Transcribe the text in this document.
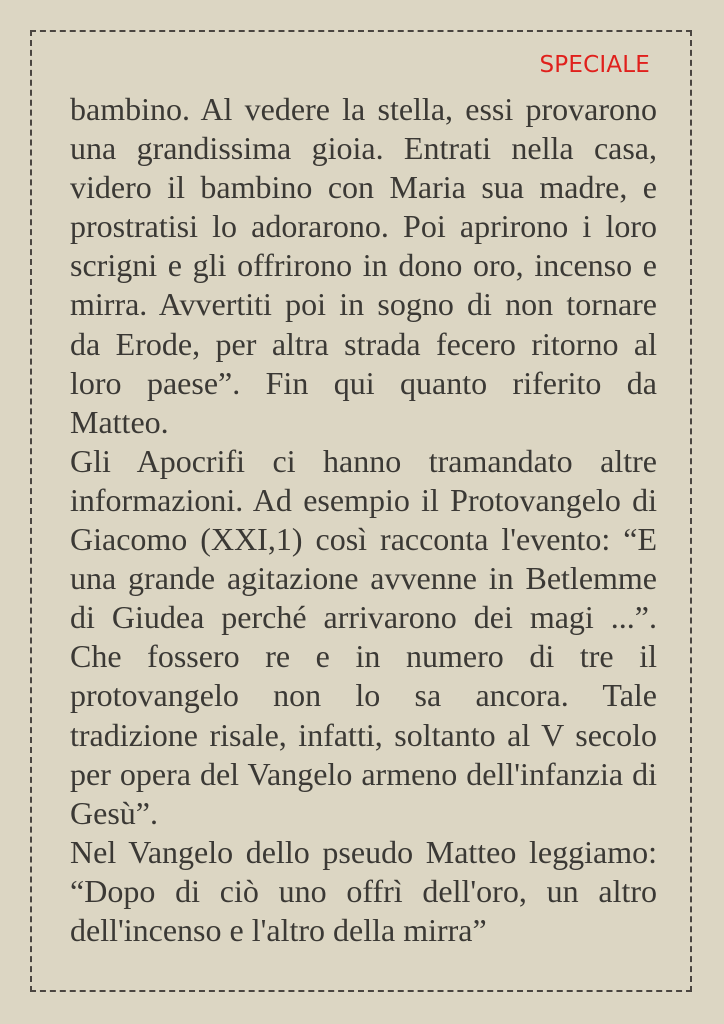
SPECIALE

bambino. Al vedere la stella, essi provarono una grandissima gioia. Entrati nella casa, videro il bambino con Maria sua madre, e prostratisi lo adorarono. Poi aprirono i loro scrigni e gli offrirono in dono oro, incenso e mirra. Avvertiti poi in sogno di non tornare da Erode, per altra strada fecero ritorno al loro paese”. Fin qui quanto riferito da Matteo.

Gli Apocrifi ci hanno tramandato altre informazioni. Ad esempio il Protovangelo di Giacomo (XXI,1) così racconta l'evento: “E una grande agitazione avvenne in Betlemme di Giudea perché arrivarono dei magi ...”. Che fossero re e in numero di tre il protovangelo non lo sa ancora. Tale tradizione risale, infatti, soltanto al V secolo per opera del Vangelo armeno dell'infanzia di Gesù”.

Nel Vangelo dello pseudo Matteo leggiamo: “Dopo di ciò uno offrì dell'oro, un altro dell'incenso e l'altro della mirra”
